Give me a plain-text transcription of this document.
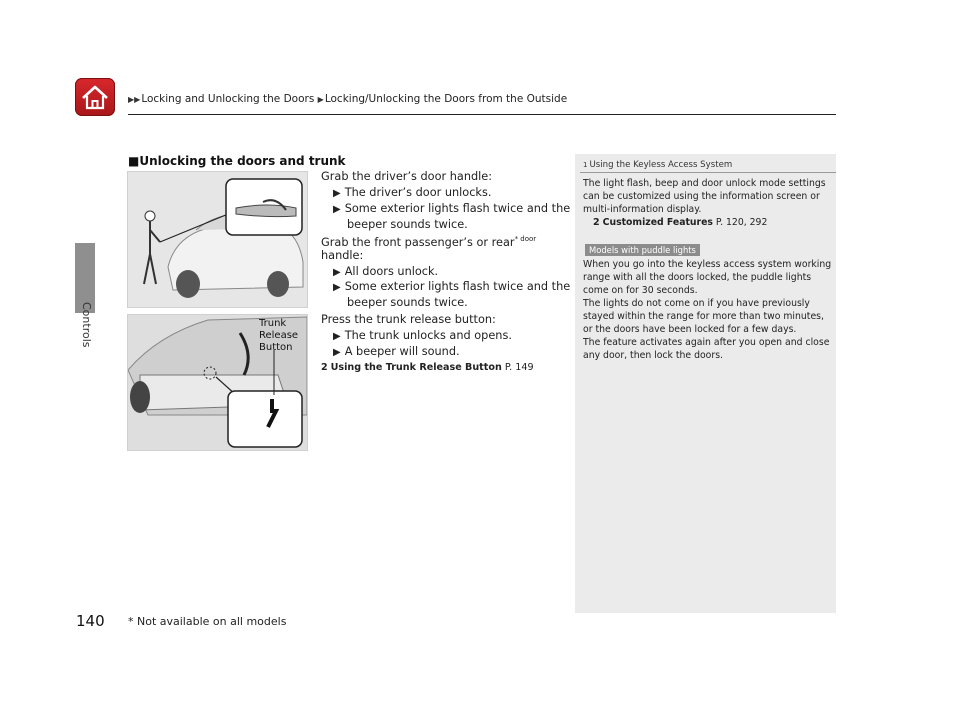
▶▶Locking and Unlocking the Doors ▶Locking/Unlocking the Doors from the Outside
Controls
■Unlocking the doors and trunk
Trunk
Release
Button
Grab the driver’s door handle:
▶ The driver’s door unlocks.
▶ Some exterior lights flash twice and the
beeper sounds twice.
Grab the front passenger’s or rear$^{* door}$
handle:
▶ All doors unlock.
▶ Some exterior lights flash twice and the
beeper sounds twice.
Press the trunk release button:
▶ The trunk unlocks and opens.
▶ A beeper will sound.
2 Using the Trunk Release Button P. 149
1 Using the Keyless Access System
The light flash, beep and door unlock mode settings
can be customized using the information screen or
multi-information display.
2 Customized Features P. 120, 292
Models with puddle lights
When you go into the keyless access system working
range with all the doors locked, the puddle lights
come on for 30 seconds.
The lights do not come on if you have previously
stayed within the range for more than two minutes,
or the doors have been locked for a few days.
The feature activates again after you open and close
any door, then lock the doors.
140 * Not available on all models
